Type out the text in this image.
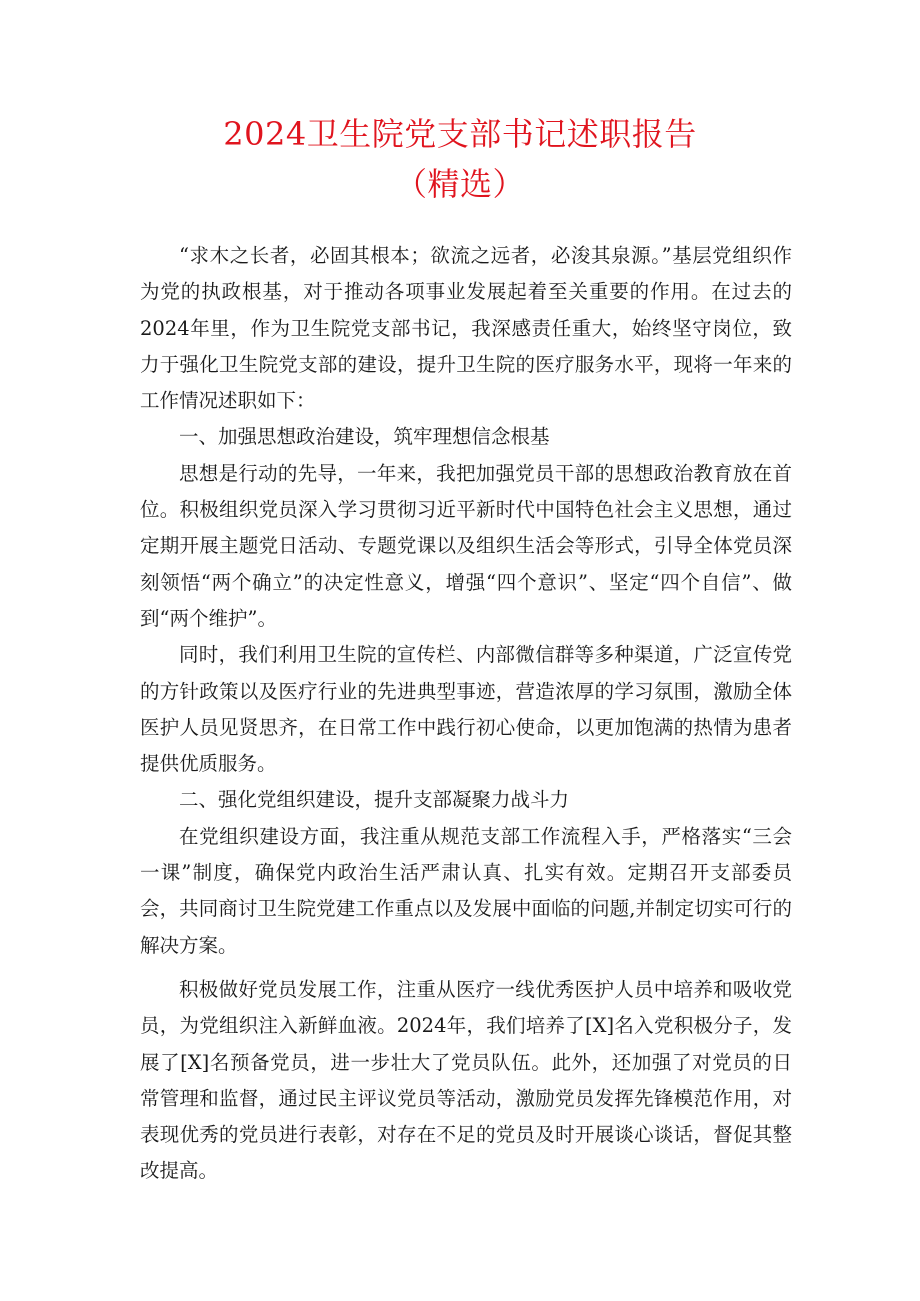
2024卫生院党支部书记述职报告
（精选）

“求木之长者，必固其根本；欲流之远者，必浚其泉源。”基层党组织作为党的执政根基，对于推动各项事业发展起着至关重要的作用。在过去的2024年里，作为卫生院党支部书记，我深感责任重大，始终坚守岗位，致力于强化卫生院党支部的建设，提升卫生院的医疗服务水平，现将一年来的工作情况述职如下：

一、加强思想政治建设，筑牢理想信念根基

思想是行动的先导，一年来，我把加强党员干部的思想政治教育放在首位。积极组织党员深入学习贯彻习近平新时代中国特色社会主义思想，通过定期开展主题党日活动、专题党课以及组织生活会等形式，引导全体党员深刻领悟“两个确立”的决定性意义，增强“四个意识”、坚定“四个自信”、做到“两个维护”。

同时，我们利用卫生院的宣传栏、内部微信群等多种渠道，广泛宣传党的方针政策以及医疗行业的先进典型事迹，营造浓厚的学习氛围，激励全体医护人员见贤思齐，在日常工作中践行初心使命，以更加饱满的热情为患者提供优质服务。

二、强化党组织建设，提升支部凝聚力战斗力

在党组织建设方面，我注重从规范支部工作流程入手，严格落实“三会一课”制度，确保党内政治生活严肃认真、扎实有效。定期召开支部委员会，共同商讨卫生院党建工作重点以及发展中面临的问题,并制定切实可行的解决方案。

积极做好党员发展工作，注重从医疗一线优秀医护人员中培养和吸收党员，为党组织注入新鲜血液。2024年，我们培养了[X]名入党积极分子，发展了[X]名预备党员，进一步壮大了党员队伍。此外，还加强了对党员的日常管理和监督，通过民主评议党员等活动，激励党员发挥先锋模范作用，对表现优秀的党员进行表彰，对存在不足的党员及时开展谈心谈话，督促其整改提高。
